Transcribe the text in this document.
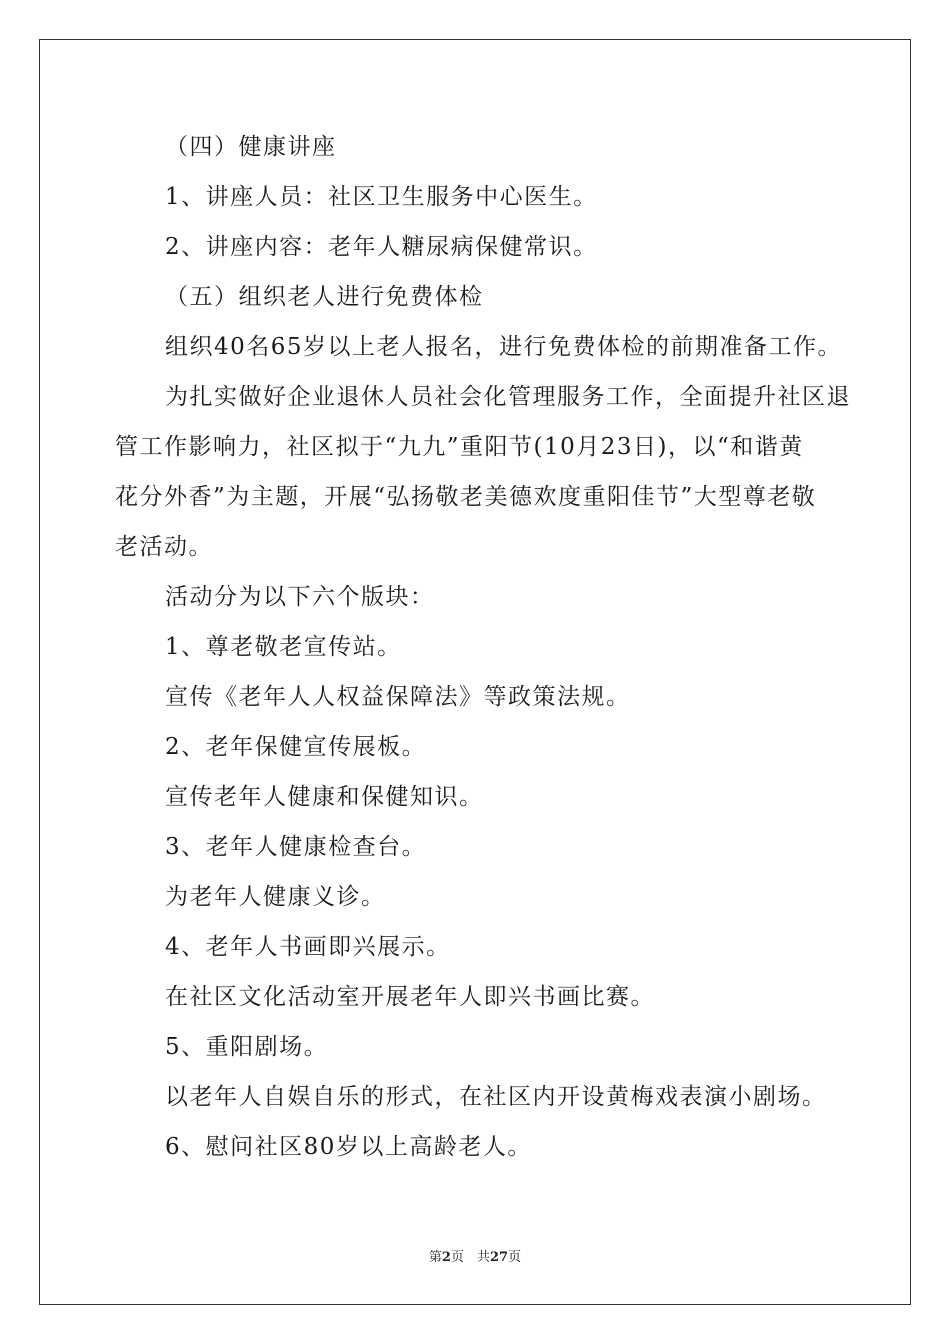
（四）健康讲座
1、讲座人员：社区卫生服务中心医生。
2、讲座内容：老年人糖尿病保健常识。
（五）组织老人进行免费体检
组织40名65岁以上老人报名，进行免费体检的前期准备工作。
为扎实做好企业退休人员社会化管理服务工作，全面提升社区退
管工作影响力，社区拟于“九九”重阳节(10月23日)，以“和谐黄
花分外香”为主题，开展“弘扬敬老美德欢度重阳佳节”大型尊老敬
老活动。
活动分为以下六个版块：
1、尊老敬老宣传站。
宣传《老年人人权益保障法》等政策法规。
2、老年保健宣传展板。
宣传老年人健康和保健知识。
3、老年人健康检查台。
为老年人健康义诊。
4、老年人书画即兴展示。
在社区文化活动室开展老年人即兴书画比赛。
5、重阳剧场。
以老年人自娱自乐的形式，在社区内开设黄梅戏表演小剧场。
6、慰问社区80岁以上高龄老人。
第2页　共27页
